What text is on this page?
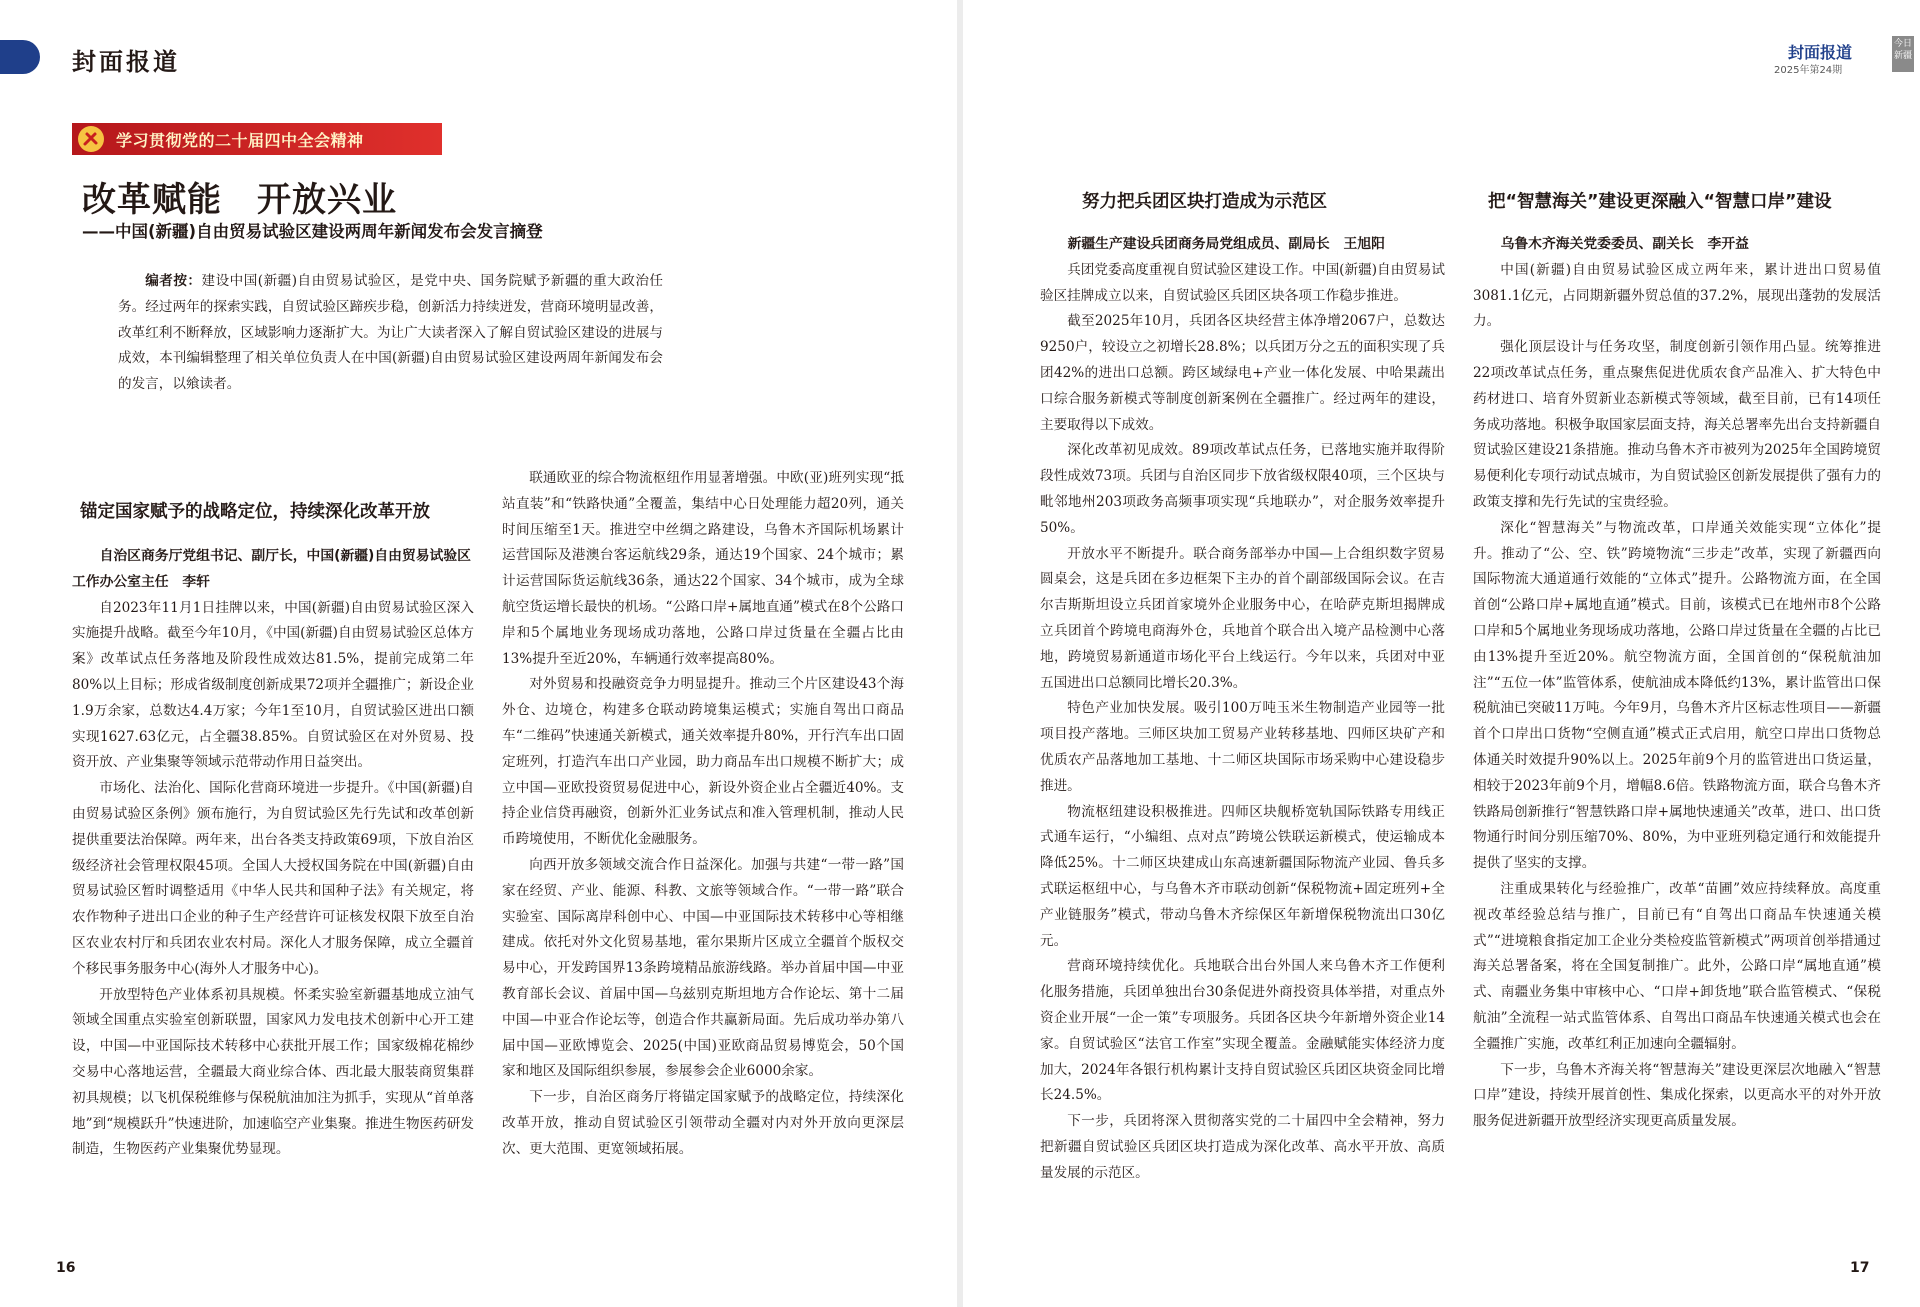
封面报道	封面报道
2025年第24期
今日新疆
学习贯彻党的二十届四中全会精神
改革赋能　开放兴业
——中国(新疆)自由贸易试验区建设两周年新闻发布会发言摘登

编者按：建设中国(新疆)自由贸易试验区，是党中央、国务院赋予新疆的重大政治任务。经过两年的探索实践，自贸试验区蹄疾步稳，创新活力持续迸发，营商环境明显改善，改革红利不断释放，区域影响力逐渐扩大。为让广大读者深入了解自贸试验区建设的进展与成效，本刊编辑整理了相关单位负责人在中国(新疆)自由贸易试验区建设两周年新闻发布会的发言，以飨读者。

锚定国家赋予的战略定位，持续深化改革开放

自治区商务厅党组书记、副厅长，中国(新疆)自由贸易试验区工作办公室主任　李轩

自2023年11月1日挂牌以来，中国(新疆)自由贸易试验区深入实施提升战略。截至今年10月，《中国(新疆)自由贸易试验区总体方案》改革试点任务落地及阶段性成效达81.5%，提前完成第二年80%以上目标；形成省级制度创新成果72项并全疆推广；新设企业1.9万余家，总数达4.4万家；今年1至10月，自贸试验区进出口额实现1627.63亿元，占全疆38.85%。自贸试验区在对外贸易、投资开放、产业集聚等领域示范带动作用日益突出。

市场化、法治化、国际化营商环境进一步提升。《中国(新疆)自由贸易试验区条例》颁布施行，为自贸试验区先行先试和改革创新提供重要法治保障。两年来，出台各类支持政策69项，下放自治区级经济社会管理权限45项。全国人大授权国务院在中国(新疆)自由贸易试验区暂时调整适用《中华人民共和国种子法》有关规定，将农作物种子进出口企业的种子生产经营许可证核发权限下放至自治区农业农村厅和兵团农业农村局。深化人才服务保障，成立全疆首个移民事务服务中心(海外人才服务中心)。

开放型特色产业体系初具规模。怀柔实验室新疆基地成立油气领域全国重点实验室创新联盟，国家风力发电技术创新中心开工建设，中国—中亚国际技术转移中心获批开展工作；国家级棉花棉纱交易中心落地运营，全疆最大商业综合体、西北最大服装商贸集群初具规模；以飞机保税维修与保税航油加注为抓手，实现从“首单落地”到“规模跃升”快速进阶，加速临空产业集聚。推进生物医药研发制造，生物医药产业集聚优势显现。

联通欧亚的综合物流枢纽作用显著增强。中欧(亚)班列实现“抵站直装”和“铁路快通”全覆盖，集结中心日处理能力超20列，通关时间压缩至1天。推进空中丝绸之路建设，乌鲁木齐国际机场累计运营国际及港澳台客运航线29条，通达19个国家、24个城市；累计运营国际货运航线36条，通达22个国家、34个城市，成为全球航空货运增长最快的机场。“公路口岸+属地直通”模式在8个公路口岸和5个属地业务现场成功落地，公路口岸过货量在全疆占比由13%提升至近20%，车辆通行效率提高80%。

对外贸易和投融资竞争力明显提升。推动三个片区建设43个海外仓、边境仓，构建多仓联动跨境集运模式；实施自驾出口商品车“二维码”快速通关新模式，通关效率提升80%，开行汽车出口固定班列，打造汽车出口产业园，助力商品车出口规模不断扩大；成立中国—亚欧投资贸易促进中心，新设外资企业占全疆近40%。支持企业信贷再融资，创新外汇业务试点和准入管理机制，推动人民币跨境使用，不断优化金融服务。

向西开放多领域交流合作日益深化。加强与共建“一带一路”国家在经贸、产业、能源、科教、文旅等领域合作。“一带一路”联合实验室、国际离岸科创中心、中国—中亚国际技术转移中心等相继建成。依托对外文化贸易基地，霍尔果斯片区成立全疆首个版权交易中心，开发跨国界13条跨境精品旅游线路。举办首届中国—中亚教育部长会议、首届中国—乌兹别克斯坦地方合作论坛、第十二届中国—中亚合作论坛等，创造合作共赢新局面。先后成功举办第八届中国—亚欧博览会、2025(中国)亚欧商品贸易博览会，50个国家和地区及国际组织参展，参展参会企业6000余家。

下一步，自治区商务厅将锚定国家赋予的战略定位，持续深化改革开放，推动自贸试验区引领带动全疆对内对外开放向更深层次、更大范围、更宽领域拓展。

努力把兵团区块打造成为示范区

新疆生产建设兵团商务局党组成员、副局长　王旭阳

兵团党委高度重视自贸试验区建设工作。中国(新疆)自由贸易试验区挂牌成立以来，自贸试验区兵团区块各项工作稳步推进。

截至2025年10月，兵团各区块经营主体净增2067户，总数达9250户，较设立之初增长28.8%；以兵团万分之五的面积实现了兵团42%的进出口总额。跨区域绿电+产业一体化发展、中哈果蔬出口综合服务新模式等制度创新案例在全疆推广。经过两年的建设，主要取得以下成效。

深化改革初见成效。89项改革试点任务，已落地实施并取得阶段性成效73项。兵团与自治区同步下放省级权限40项，三个区块与毗邻地州203项政务高频事项实现“兵地联办”，对企服务效率提升50%。

开放水平不断提升。联合商务部举办中国—上合组织数字贸易圆桌会，这是兵团在多边框架下主办的首个副部级国际会议。在吉尔吉斯斯坦设立兵团首家境外企业服务中心，在哈萨克斯坦揭牌成立兵团首个跨境电商海外仓，兵地首个联合出入境产品检测中心落地，跨境贸易新通道市场化平台上线运行。今年以来，兵团对中亚五国进出口总额同比增长20.3%。

特色产业加快发展。吸引100万吨玉米生物制造产业园等一批项目投产落地。三师区块加工贸易产业转移基地、四师区块矿产和优质农产品落地加工基地、十二师区块国际市场采购中心建设稳步推进。

物流枢纽建设积极推进。四师区块舰桥宽轨国际铁路专用线正式通车运行，“小编组、点对点”跨境公铁联运新模式，使运输成本降低25%。十二师区块建成山东高速新疆国际物流产业园、鲁兵多式联运枢纽中心，与乌鲁木齐市联动创新“保税物流+固定班列+全产业链服务”模式，带动乌鲁木齐综保区年新增保税物流出口30亿元。

营商环境持续优化。兵地联合出台外国人来乌鲁木齐工作便利化服务措施，兵团单独出台30条促进外商投资具体举措，对重点外资企业开展“一企一策”专项服务。兵团各区块今年新增外资企业14家。自贸试验区“法官工作室”实现全覆盖。金融赋能实体经济力度加大，2024年各银行机构累计支持自贸试验区兵团区块资金同比增长24.5%。

下一步，兵团将深入贯彻落实党的二十届四中全会精神，努力把新疆自贸试验区兵团区块打造成为深化改革、高水平开放、高质量发展的示范区。

把“智慧海关”建设更深融入“智慧口岸”建设

乌鲁木齐海关党委委员、副关长　李开益

中国(新疆)自由贸易试验区成立两年来，累计进出口贸易值3081.1亿元，占同期新疆外贸总值的37.2%，展现出蓬勃的发展活力。

强化顶层设计与任务攻坚，制度创新引领作用凸显。统筹推进22项改革试点任务，重点聚焦促进优质农食产品准入、扩大特色中药材进口、培育外贸新业态新模式等领域，截至目前，已有14项任务成功落地。积极争取国家层面支持，海关总署率先出台支持新疆自贸试验区建设21条措施。推动乌鲁木齐市被列为2025年全国跨境贸易便利化专项行动试点城市，为自贸试验区创新发展提供了强有力的政策支撑和先行先试的宝贵经验。

深化“智慧海关”与物流改革，口岸通关效能实现“立体化”提升。推动了“公、空、铁”跨境物流“三步走”改革，实现了新疆西向国际物流大通道通行效能的“立体式”提升。公路物流方面，在全国首创“公路口岸+属地直通”模式。目前，该模式已在地州市8个公路口岸和5个属地业务现场成功落地，公路口岸过货量在全疆的占比已由13%提升至近20%。航空物流方面，全国首创的“保税航油加注”“五位一体”监管体系，使航油成本降低约13%，累计监管出口保税航油已突破11万吨。今年9月，乌鲁木齐片区标志性项目——新疆首个口岸出口货物“空侧直通”模式正式启用，航空口岸出口货物总体通关时效提升90%以上。2025年前9个月的监管进出口货运量，相较于2023年前9个月，增幅8.6倍。铁路物流方面，联合乌鲁木齐铁路局创新推行“智慧铁路口岸+属地快速通关”改革，进口、出口货物通行时间分别压缩70%、80%，为中亚班列稳定通行和效能提升提供了坚实的支撑。

注重成果转化与经验推广，改革“苗圃”效应持续释放。高度重视改革经验总结与推广，目前已有“自驾出口商品车快速通关模式”“进境粮食指定加工企业分类检疫监管新模式”两项首创举措通过海关总署备案，将在全国复制推广。此外，公路口岸“属地直通”模式、南疆业务集中审核中心、“口岸+卸货地”联合监管模式、“保税航油”全流程一站式监管体系、自驾出口商品车快速通关模式也会在全疆推广实施，改革红利正加速向全疆辐射。

下一步，乌鲁木齐海关将“智慧海关”建设更深层次地融入“智慧口岸”建设，持续开展首创性、集成化探索，以更高水平的对外开放服务促进新疆开放型经济实现更高质量发展。

16	17
